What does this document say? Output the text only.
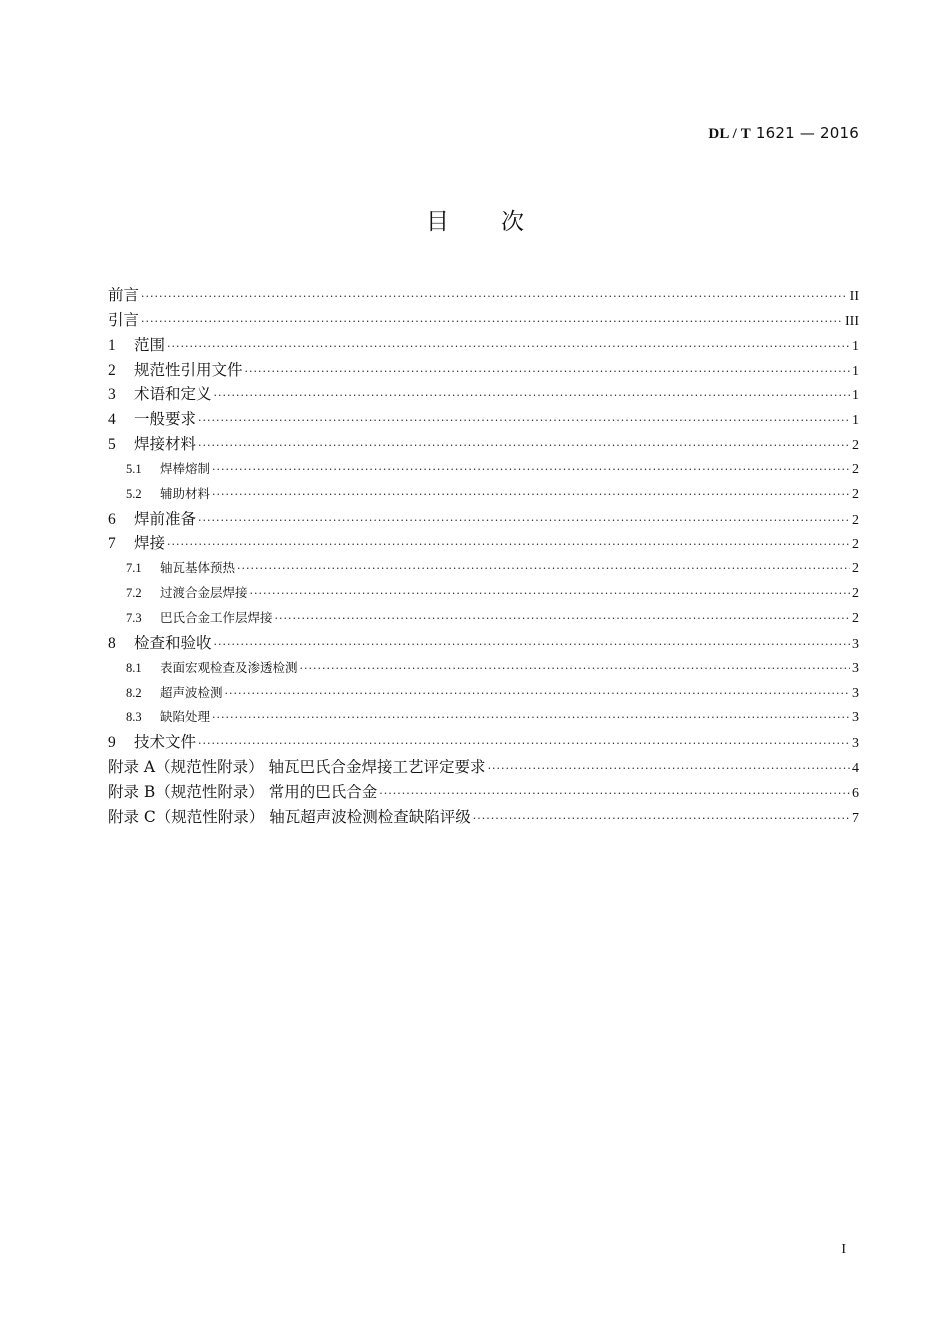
DL / T 1621 — 2016
目 次
前言 ·····	II
引言 ·····	III
1	范围 ·····	1
2	规范性引用文件 ·····	1
3	术语和定义 ·····	1
4	一般要求 ·····	1
5	焊接材料 ·····	2
5.1	焊棒熔制 ·····	2
5.2	辅助材料 ·····	2
6	焊前准备 ·····	2
7	焊接 ·····	2
7.1	轴瓦基体预热 ·····	2
7.2	过渡合金层焊接 ·····	2
7.3	巴氏合金工作层焊接 ·····	2
8	检查和验收 ·····	3
8.1	表面宏观检查及渗透检测 ·····	3
8.2	超声波检测 ·····	3
8.3	缺陷处理 ·····	3
9	技术文件 ·····	3
附录 A（规范性附录） 轴瓦巴氏合金焊接工艺评定要求 ·····	4
附录 B（规范性附录） 常用的巴氏合金 ·····	6
附录 C（规范性附录） 轴瓦超声波检测检查缺陷评级 ·····	7
I
